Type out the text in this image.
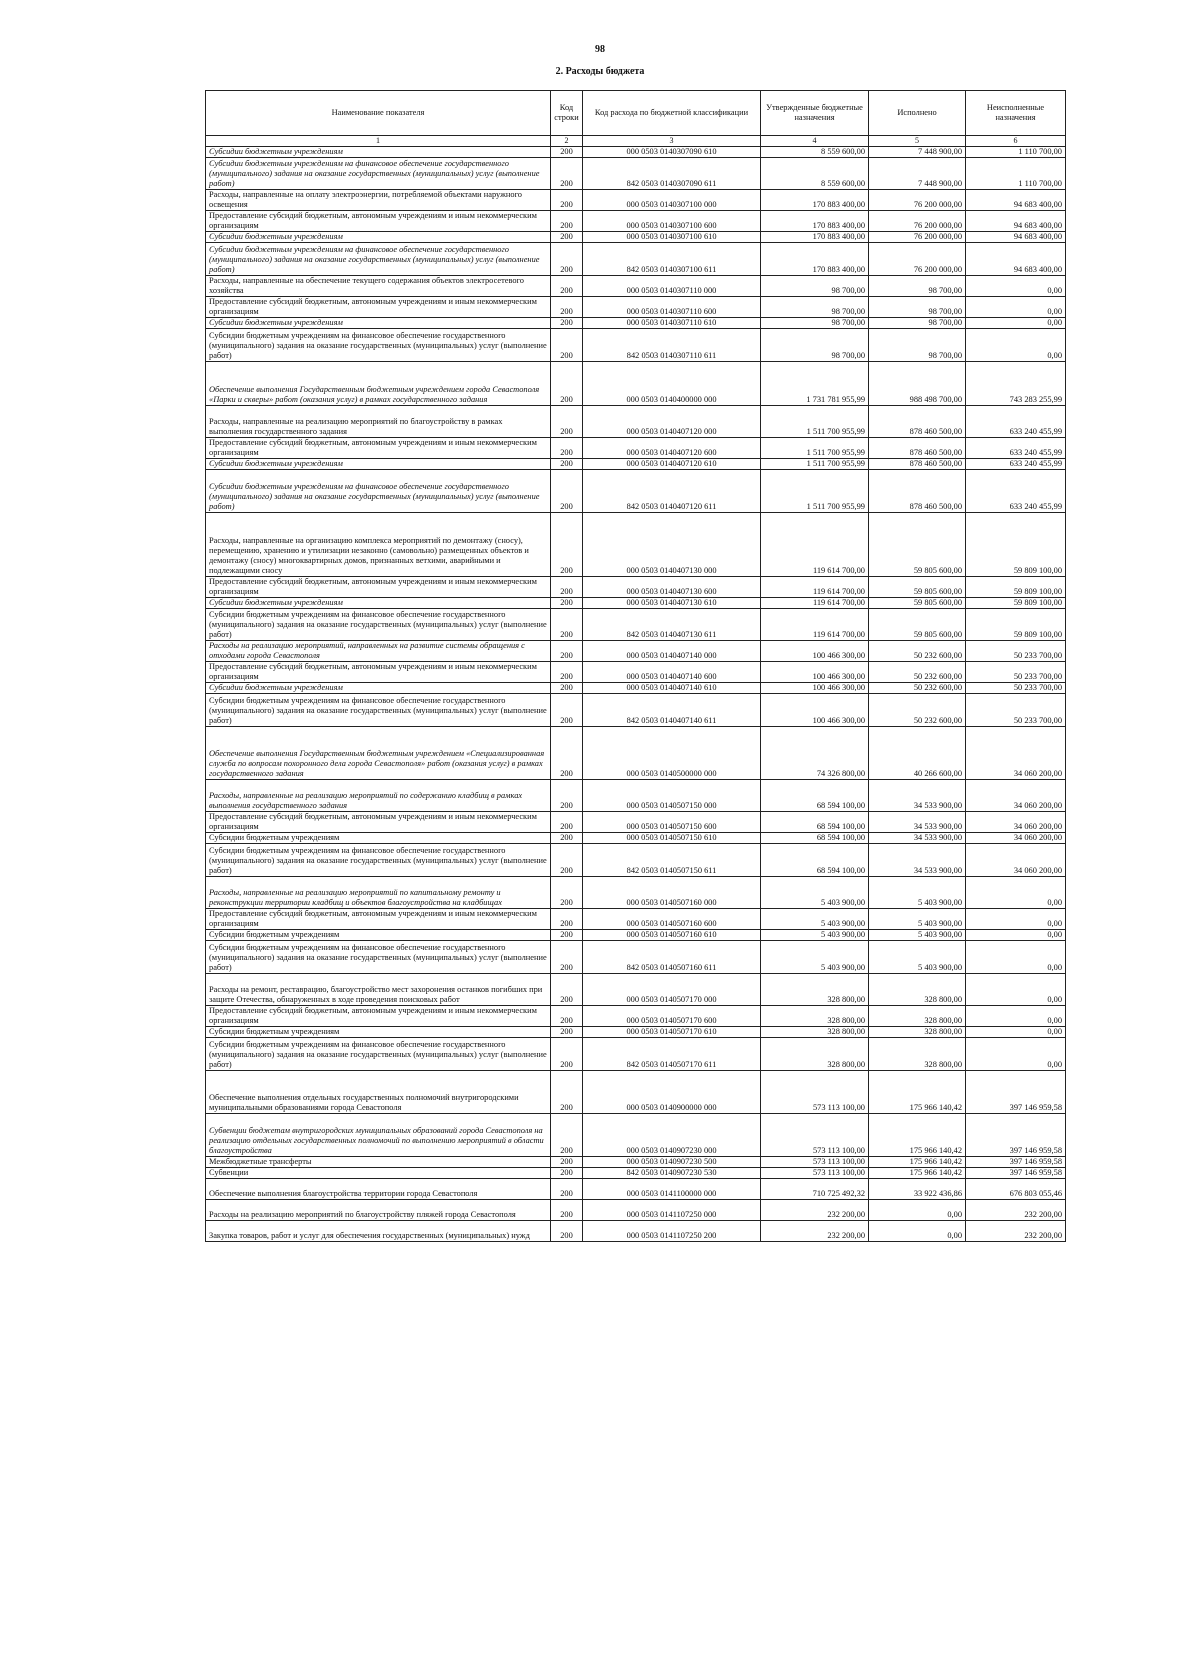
98
2. Расходы бюджета
Наименование показателя	Код строки	Код расхода по бюджетной классификации	Утвержденные бюджетные назначения	Исполнено	Неисполненные назначения
1	2	3	4	5	6
Субсидии бюджетным учреждениям	200	000 0503 0140307090 610	8 559 600,00	7 448 900,00	1 110 700,00
Субсидии бюджетным учреждениям на финансовое обеспечение государственного (муниципального) задания на оказание государственных (муниципальных) услуг (выполнение работ)	200	842 0503 0140307090 611	8 559 600,00	7 448 900,00	1 110 700,00
Расходы, направленные на оплату электроэнергии, потребляемой объектами наружного освещения	200	000 0503 0140307100 000	170 883 400,00	76 200 000,00	94 683 400,00
Предоставление субсидий бюджетным, автономным учреждениям и иным некоммерческим организациям	200	000 0503 0140307100 600	170 883 400,00	76 200 000,00	94 683 400,00
Субсидии бюджетным учреждениям	200	000 0503 0140307100 610	170 883 400,00	76 200 000,00	94 683 400,00
Субсидии бюджетным учреждениям на финансовое обеспечение государственного (муниципального) задания на оказание государственных (муниципальных) услуг (выполнение работ)	200	842 0503 0140307100 611	170 883 400,00	76 200 000,00	94 683 400,00
Расходы, направленные на обеспечение текущего содержания объектов электросетевого хозяйства	200	000 0503 0140307110 000	98 700,00	98 700,00	0,00
Предоставление субсидий бюджетным, автономным учреждениям и иным некоммерческим организациям	200	000 0503 0140307110 600	98 700,00	98 700,00	0,00
Субсидии бюджетным учреждениям	200	000 0503 0140307110 610	98 700,00	98 700,00	0,00
Субсидии бюджетным учреждениям на финансовое обеспечение государственного (муниципального) задания на оказание государственных (муниципальных) услуг (выполнение работ)	200	842 0503 0140307110 611	98 700,00	98 700,00	0,00
Обеспечение выполнения Государственным бюджетным учреждением города Севастополя «Парки и скверы» работ (оказания услуг) в рамках государственного задания	200	000 0503 0140400000 000	1 731 781 955,99	988 498 700,00	743 283 255,99
Расходы, направленные на реализацию мероприятий по благоустройству в рамках выполнения государственного задания	200	000 0503 0140407120 000	1 511 700 955,99	878 460 500,00	633 240 455,99
Предоставление субсидий бюджетным, автономным учреждениям и иным некоммерческим организациям	200	000 0503 0140407120 600	1 511 700 955,99	878 460 500,00	633 240 455,99
Субсидии бюджетным учреждениям	200	000 0503 0140407120 610	1 511 700 955,99	878 460 500,00	633 240 455,99
Субсидии бюджетным учреждениям на финансовое обеспечение государственного (муниципального) задания на оказание государственных (муниципальных) услуг (выполнение работ)	200	842 0503 0140407120 611	1 511 700 955,99	878 460 500,00	633 240 455,99
Расходы, направленные на организацию комплекса мероприятий по демонтажу (сносу), перемещению, хранению и утилизации незаконно (самовольно) размещенных объектов и демонтажу (сносу) многоквартирных домов, признанных ветхими, аварийными и подлежащими сносу	200	000 0503 0140407130 000	119 614 700,00	59 805 600,00	59 809 100,00
Предоставление субсидий бюджетным, автономным учреждениям и иным некоммерческим организациям	200	000 0503 0140407130 600	119 614 700,00	59 805 600,00	59 809 100,00
Субсидии бюджетным учреждениям	200	000 0503 0140407130 610	119 614 700,00	59 805 600,00	59 809 100,00
Субсидии бюджетным учреждениям на финансовое обеспечение государственного (муниципального) задания на оказание государственных (муниципальных) услуг (выполнение работ)	200	842 0503 0140407130 611	119 614 700,00	59 805 600,00	59 809 100,00
Расходы на реализацию мероприятий, направленных на развитие системы обращения с отходами города Севастополя	200	000 0503 0140407140 000	100 466 300,00	50 232 600,00	50 233 700,00
Предоставление субсидий бюджетным, автономным учреждениям и иным некоммерческим организациям	200	000 0503 0140407140 600	100 466 300,00	50 232 600,00	50 233 700,00
Субсидии бюджетным учреждениям	200	000 0503 0140407140 610	100 466 300,00	50 232 600,00	50 233 700,00
Субсидии бюджетным учреждениям на финансовое обеспечение государственного (муниципального) задания на оказание государственных (муниципальных) услуг (выполнение работ)	200	842 0503 0140407140 611	100 466 300,00	50 232 600,00	50 233 700,00
Обеспечение выполнения Государственным бюджетным учреждением «Специализированная служба по вопросам похоронного дела города Севастополя» работ (оказания услуг) в рамках государственного задания	200	000 0503 0140500000 000	74 326 800,00	40 266 600,00	34 060 200,00
Расходы, направленные на реализацию мероприятий по содержанию кладбищ в рамках выполнения государственного задания	200	000 0503 0140507150 000	68 594 100,00	34 533 900,00	34 060 200,00
Предоставление субсидий бюджетным, автономным учреждениям и иным некоммерческим организациям	200	000 0503 0140507150 600	68 594 100,00	34 533 900,00	34 060 200,00
Субсидии бюджетным учреждениям	200	000 0503 0140507150 610	68 594 100,00	34 533 900,00	34 060 200,00
Субсидии бюджетным учреждениям на финансовое обеспечение государственного (муниципального) задания на оказание государственных (муниципальных) услуг (выполнение работ)	200	842 0503 0140507150 611	68 594 100,00	34 533 900,00	34 060 200,00
Расходы, направленные на реализацию мероприятий по капитальному ремонту и реконструкции территории кладбищ и объектов благоустройства на кладбищах	200	000 0503 0140507160 000	5 403 900,00	5 403 900,00	0,00
Предоставление субсидий бюджетным, автономным учреждениям и иным некоммерческим организациям	200	000 0503 0140507160 600	5 403 900,00	5 403 900,00	0,00
Субсидии бюджетным учреждениям	200	000 0503 0140507160 610	5 403 900,00	5 403 900,00	0,00
Субсидии бюджетным учреждениям на финансовое обеспечение государственного (муниципального) задания на оказание государственных (муниципальных) услуг (выполнение работ)	200	842 0503 0140507160 611	5 403 900,00	5 403 900,00	0,00
Расходы на ремонт, реставрацию, благоустройство мест захоронения останков погибших при защите Отечества, обнаруженных в ходе проведения поисковых работ	200	000 0503 0140507170 000	328 800,00	328 800,00	0,00
Предоставление субсидий бюджетным, автономным учреждениям и иным некоммерческим организациям	200	000 0503 0140507170 600	328 800,00	328 800,00	0,00
Субсидии бюджетным учреждениям	200	000 0503 0140507170 610	328 800,00	328 800,00	0,00
Субсидии бюджетным учреждениям на финансовое обеспечение государственного (муниципального) задания на оказание государственных (муниципальных) услуг (выполнение работ)	200	842 0503 0140507170 611	328 800,00	328 800,00	0,00
Обеспечение выполнения отдельных государственных полномочий внутригородскими муниципальными образованиями города Севастополя	200	000 0503 0140900000 000	573 113 100,00	175 966 140,42	397 146 959,58
Субвенции бюджетам внутригородских муниципальных образований города Севастополя на реализацию отдельных государственных полномочий по выполнению мероприятий в области благоустройства	200	000 0503 0140907230 000	573 113 100,00	175 966 140,42	397 146 959,58
Межбюджетные трансферты	200	000 0503 0140907230 500	573 113 100,00	175 966 140,42	397 146 959,58
Субвенции	200	842 0503 0140907230 530	573 113 100,00	175 966 140,42	397 146 959,58
Обеспечение выполнения благоустройства территории города Севастополя	200	000 0503 0141100000 000	710 725 492,32	33 922 436,86	676 803 055,46
Расходы на реализацию мероприятий по благоустройству пляжей города Севастополя	200	000 0503 0141107250 000	232 200,00	0,00	232 200,00
Закупка товаров, работ и услуг для обеспечения государственных (муниципальных) нужд	200	000 0503 0141107250 200	232 200,00	0,00	232 200,00
